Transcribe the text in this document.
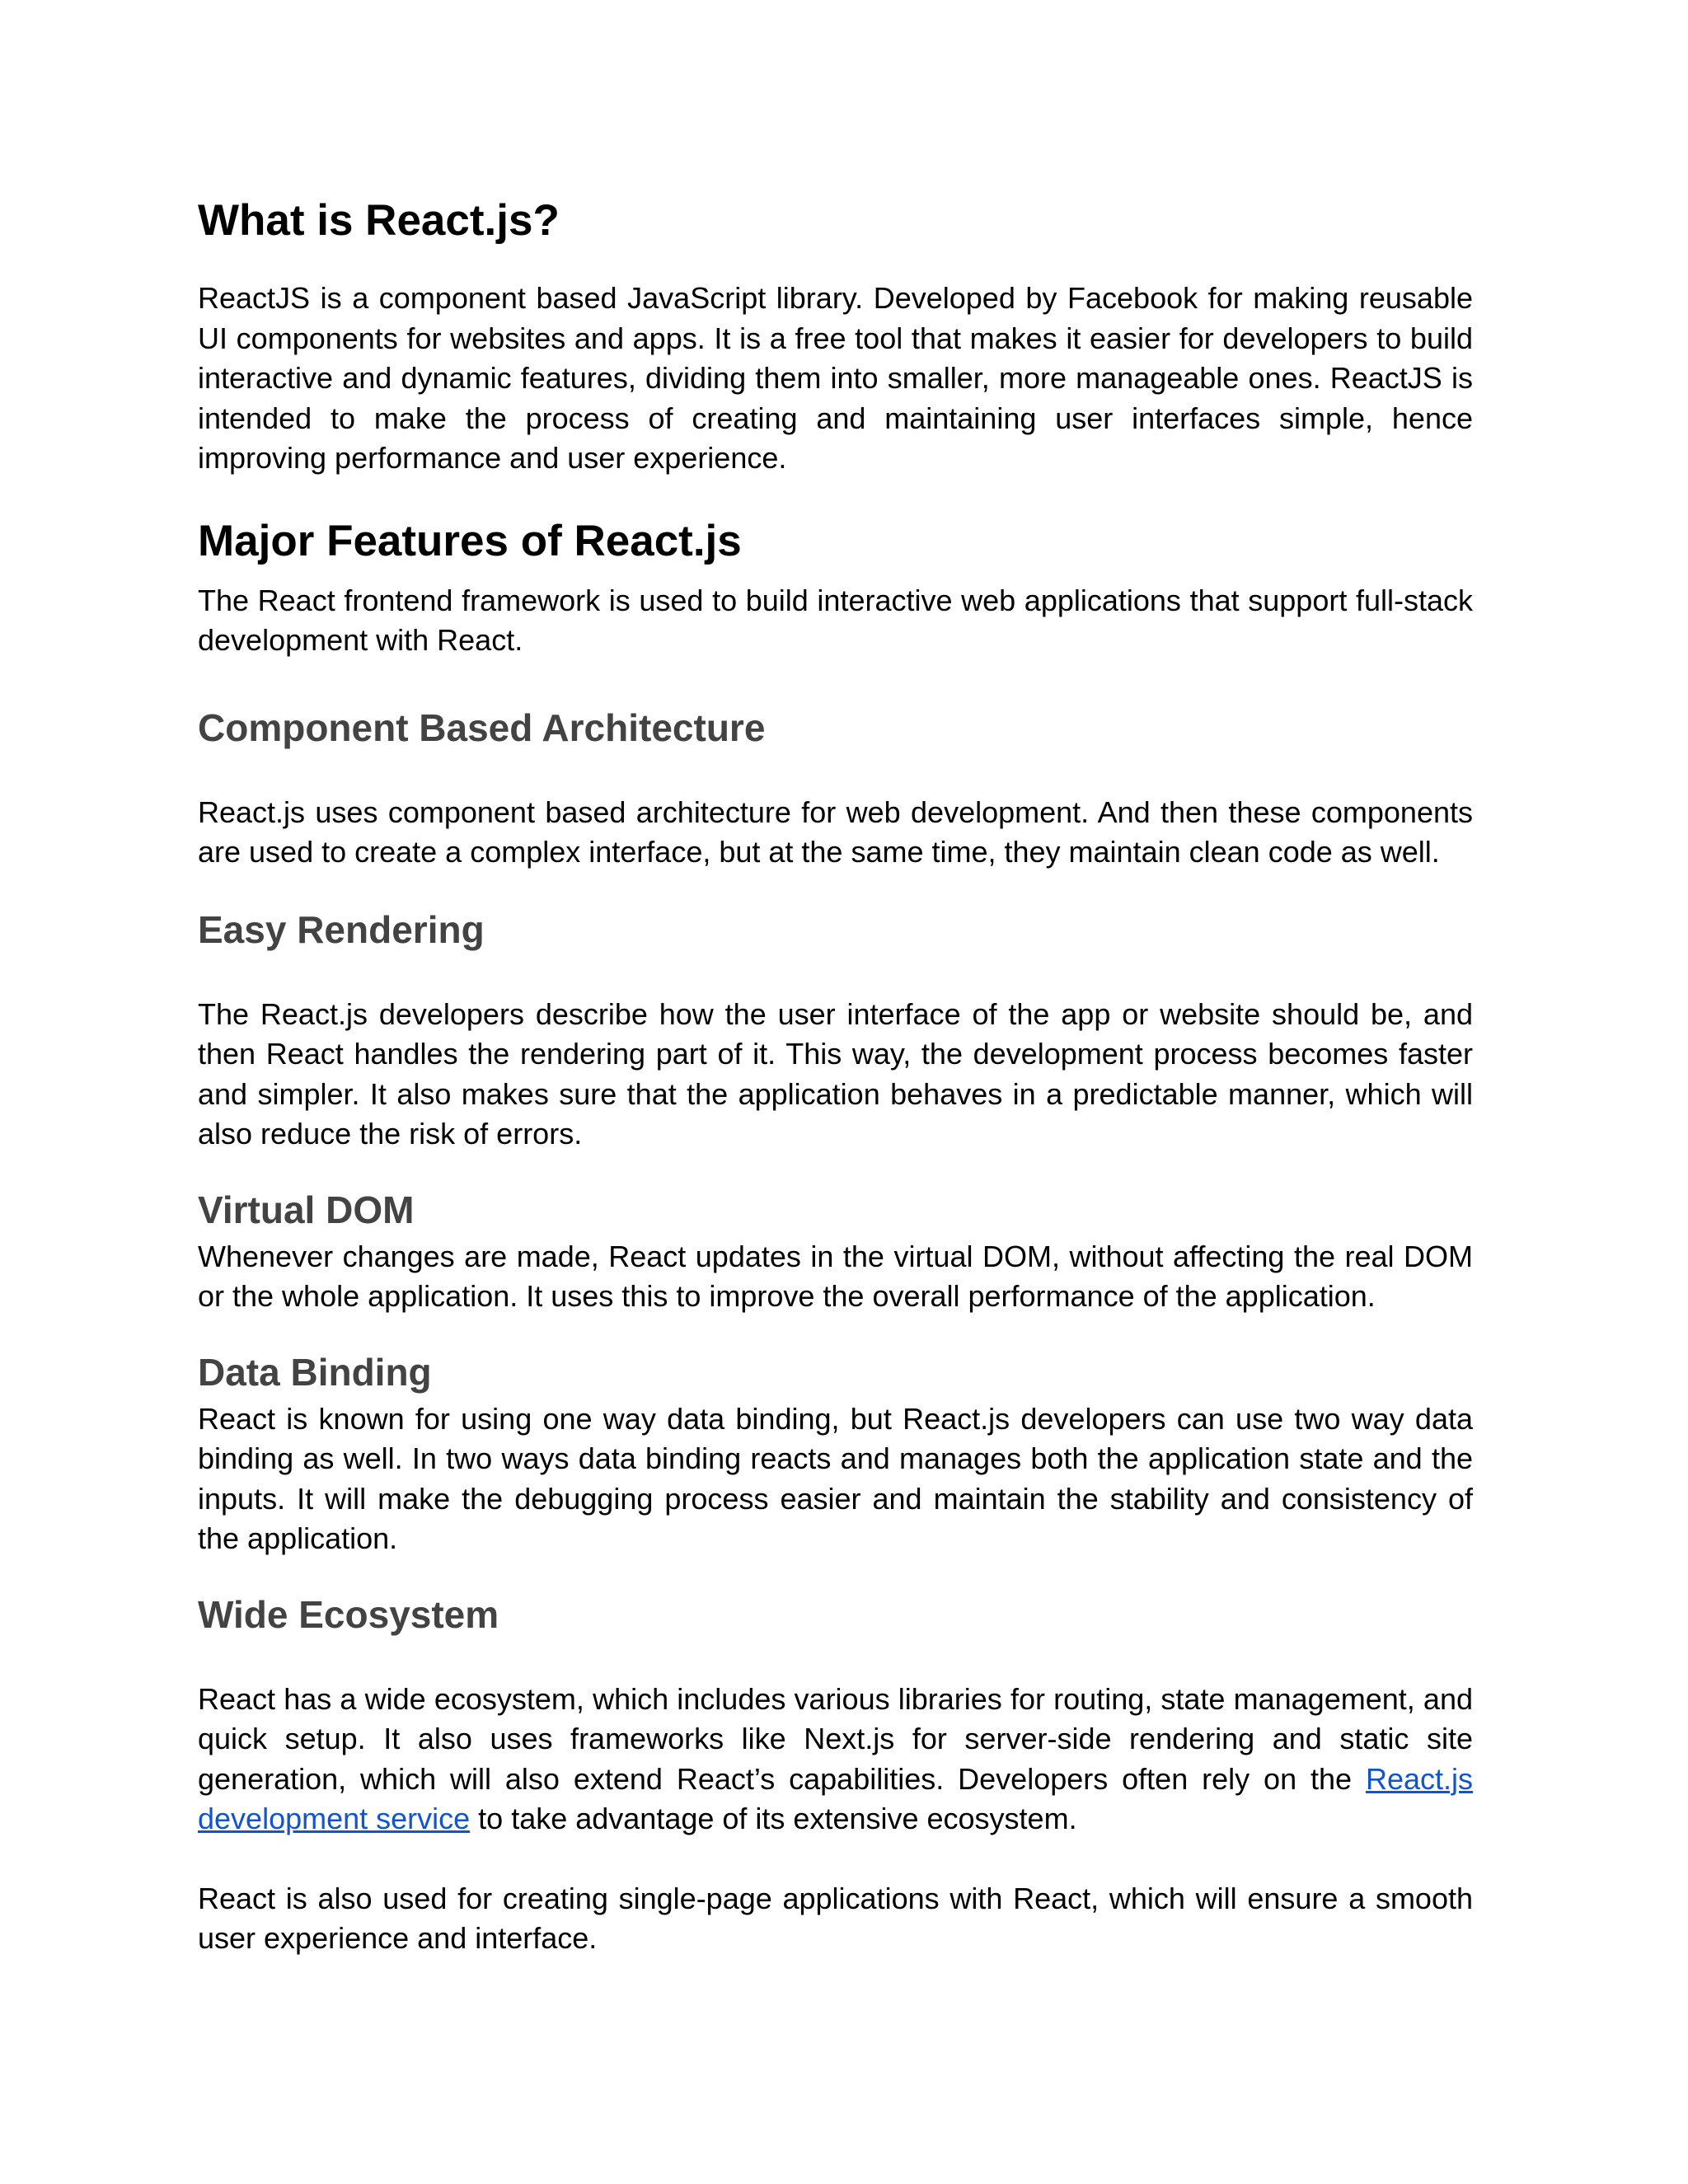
What is React.js?

ReactJS is a component based JavaScript library. Developed by Facebook for making reusable UI components for websites and apps. It is a free tool that makes it easier for developers to build interactive and dynamic features, dividing them into smaller, more manageable ones. ReactJS is intended to make the process of creating and maintaining user interfaces simple, hence improving performance and user experience.

Major Features of React.js

The React frontend framework is used to build interactive web applications that support full-stack development with React.

Component Based Architecture

React.js uses component based architecture for web development. And then these components are used to create a complex interface, but at the same time, they maintain clean code as well.

Easy Rendering

The React.js developers describe how the user interface of the app or website should be, and then React handles the rendering part of it. This way, the development process becomes faster and simpler. It also makes sure that the application behaves in a predictable manner, which will also reduce the risk of errors.

Virtual DOM

Whenever changes are made, React updates in the virtual DOM, without affecting the real DOM or the whole application. It uses this to improve the overall performance of the application.

Data Binding

React is known for using one way data binding, but React.js developers can use two way data binding as well. In two ways data binding reacts and manages both the application state and the inputs. It will make the debugging process easier and maintain the stability and consistency of the application.

Wide Ecosystem

React has a wide ecosystem, which includes various libraries for routing, state management, and quick setup. It also uses frameworks like Next.js for server-side rendering and static site generation, which will also extend React’s capabilities. Developers often rely on the React.js development service to take advantage of its extensive ecosystem.

React is also used for creating single-page applications with React, which will ensure a smooth user experience and interface.
